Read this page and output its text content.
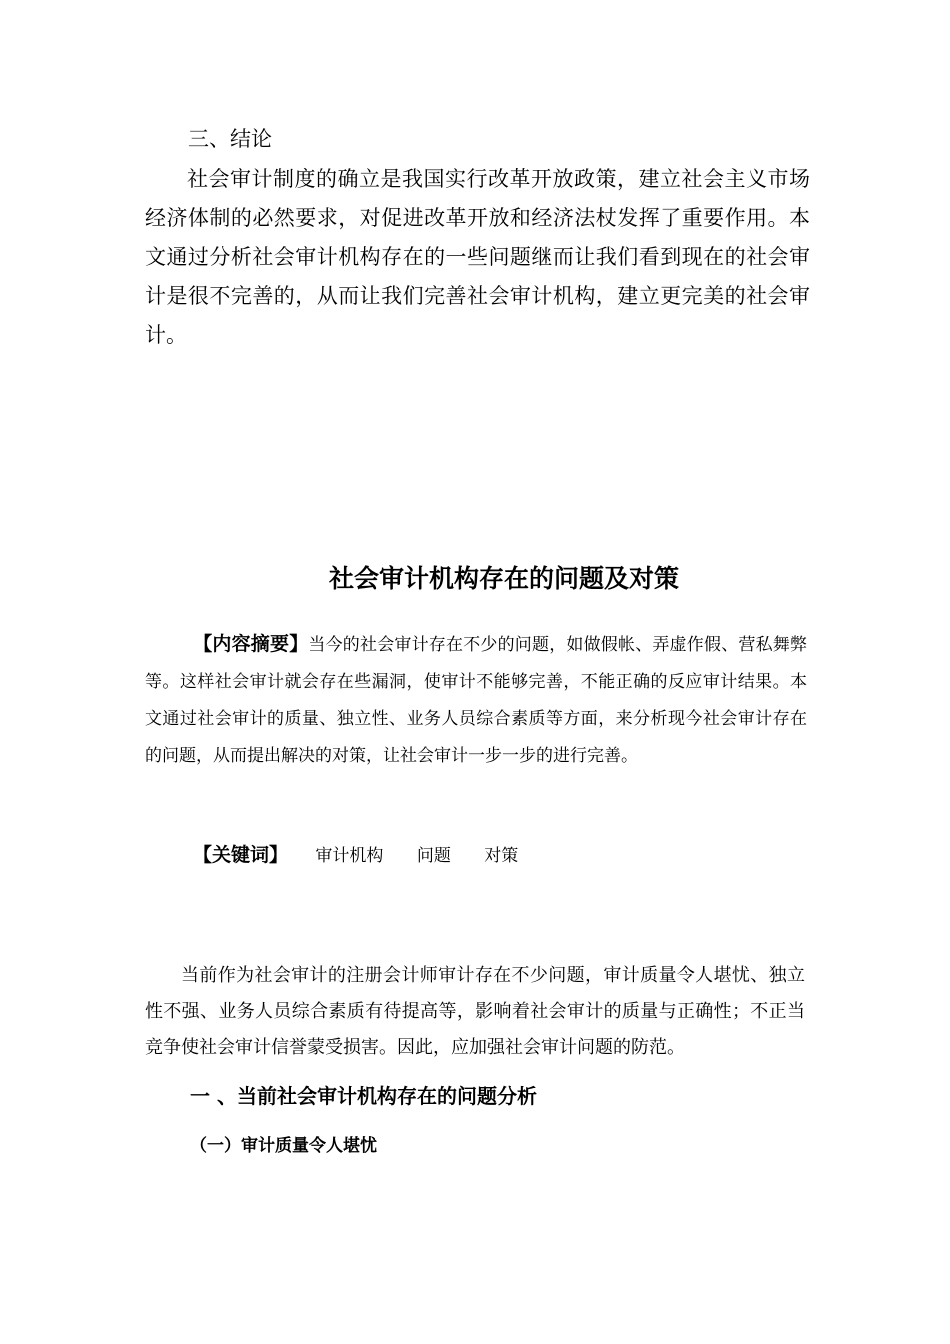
三、结论
社会审计制度的确立是我国实行改革开放政策，建立社会主义市场经济体制的必然要求，对促进改革开放和经济法杖发挥了重要作用。本文通过分析社会审计机构存在的一些问题继而让我们看到现在的社会审计是很不完善的，从而让我们完善社会审计机构，建立更完美的社会审计。
社会审计机构存在的问题及对策
【内容摘要】当今的社会审计存在不少的问题，如做假帐、弄虚作假、营私舞弊等。这样社会审计就会存在些漏洞，使审计不能够完善，不能正确的反应审计结果。本文通过社会审计的质量、独立性、业务人员综合素质等方面，来分析现今社会审计存在的问题，从而提出解决的对策，让社会审计一步一步的进行完善。
【关键词】 审计机构 问题 对策
当前作为社会审计的注册会计师审计存在不少问题，审计质量令人堪忧、独立性不强、业务人员综合素质有待提高等，影响着社会审计的质量与正确性；不正当竞争使社会审计信誉蒙受损害。因此，应加强社会审计问题的防范。
一 、当前社会审计机构存在的问题分析
（一）审计质量令人堪忧
